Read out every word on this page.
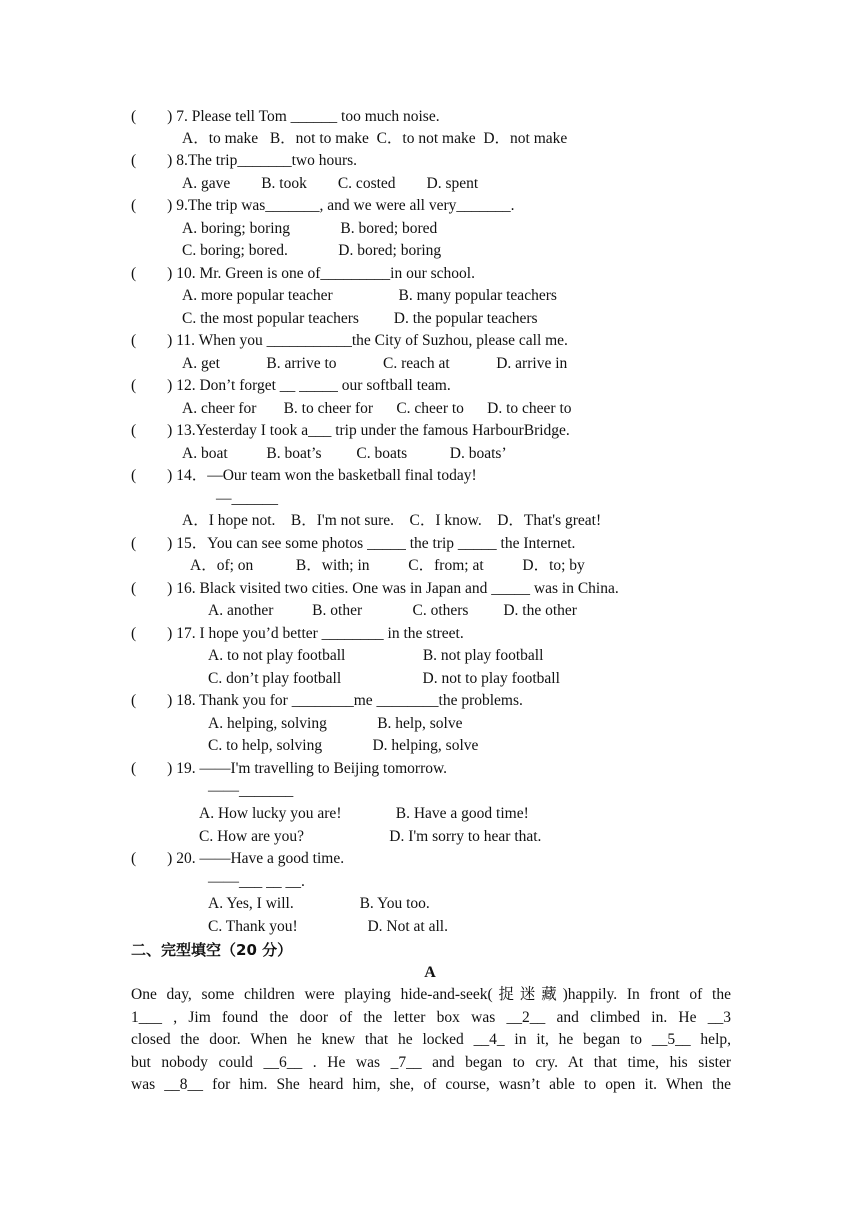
(        ) 7. Please tell Tom ______ too much noise.
A．to make   B．not to make  C．to not make  D．not make
(        ) 8.The trip_______two hours.
A. gave        B. took        C. costed        D. spent
(        ) 9.The trip was_______, and we were all very_______.
A. boring; boring             B. bored; bored
C. boring; bored.             D. bored; boring
(        ) 10. Mr. Green is one of_________in our school.
A. more popular teacher                 B. many popular teachers
C. the most popular teachers         D. the popular teachers
(        ) 11. When you ___________the City of Suzhou, please call me.
A. get            B. arrive to            C. reach at            D. arrive in
(        ) 12. Don’t forget __ _____ our softball team.
A. cheer for       B. to cheer for      C. cheer to      D. to cheer to
(        ) 13.Yesterday I took a___ trip under the famous HarbourBridge.
A. boat          B. boat’s         C. boats           D. boats’
(        ) 14．—Our team won the basketball final today!
—______
A．I hope not.    B．I'm not sure.    C．I know.    D．That's great!
(        ) 15．You can see some photos _____ the trip _____ the Internet.
A．of; on           B．with; in          C．from; at          D．to; by
(        ) 16. Black visited two cities. One was in Japan and _____ was in China.
A. another          B. other             C. others         D. the other
(        ) 17. I hope you’d better ________ in the street.
A. to not play football                    B. not play football
C. don’t play football                     D. not to play football
(        ) 18. Thank you for ________me ________the problems.
A. helping, solving             B. help, solve
C. to help, solving             D. helping, solve
(        ) 19. ——I'm travelling to Beijing tomorrow.
——_______
A. How lucky you are!              B. Have a good time!
C. How are you?                      D. I'm sorry to hear that.
(        ) 20. ——Have a good time.
——___ __ __.
A. Yes, I will.                 B. You too.
C. Thank you!                  D. Not at all.
二、完型填空（20 分）
A
One day, some children were playing hide-and-seek(捉迷藏)happily. In front of the
1___ , Jim found the door of the letter box was __2__ and climbed in. He __3
closed the door. When he knew that he locked __4_ in it, he began to __5__ help,
but nobody could __6__ . He was _7__ and began to cry. At that time, his sister
was __8__ for him. She heard him, she, of course, wasn’t able to open it. When the
